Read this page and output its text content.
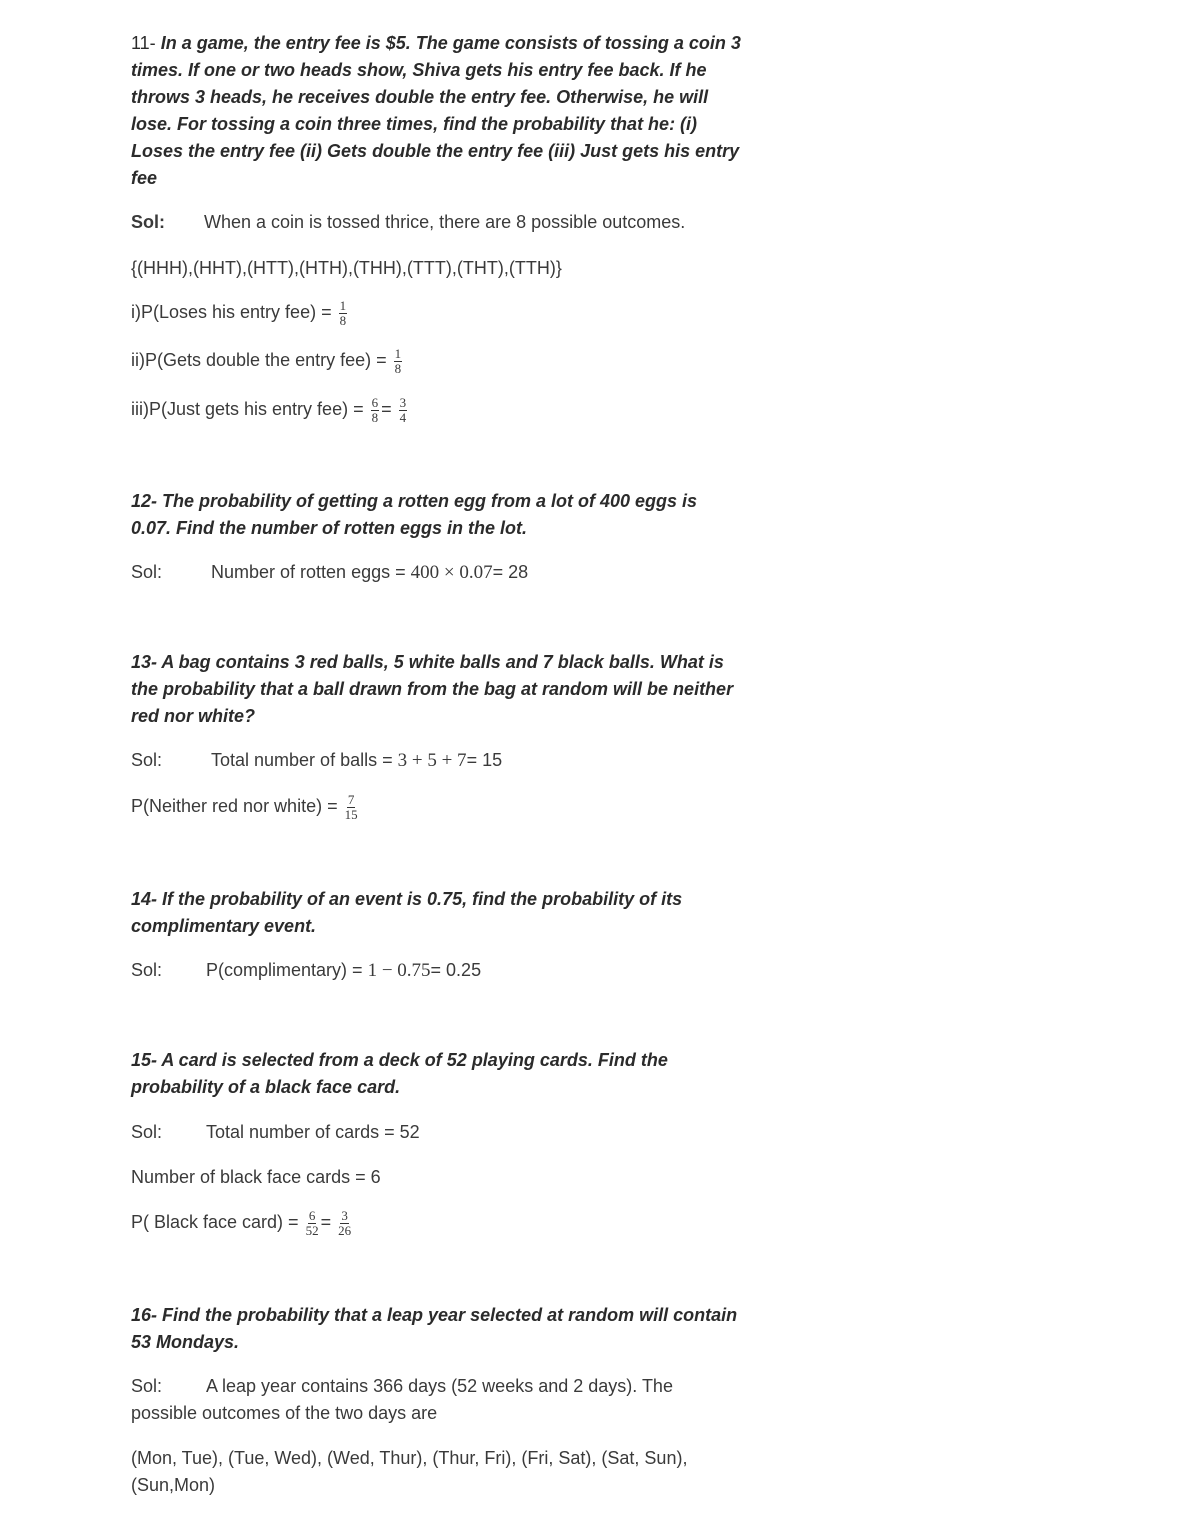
11- In a game, the entry fee is $5. The game consists of tossing a coin 3 times. If one or two heads show, Shiva gets his entry fee back. If he throws 3 heads, he receives double the entry fee. Otherwise, he will lose. For tossing a coin three times, find the probability that he: (i) Loses the entry fee (ii) Gets double the entry fee (iii) Just gets his entry fee

Sol: When a coin is tossed thrice, there are 8 possible outcomes.

{(HHH),(HHT),(HTT),(HTH),(THH),(TTT),(THT),(TTH)}

i)P(Loses his entry $fee) = \frac{1}{8}$

ii)P(Gets double the entry $fee) = \frac{1}{8}$

iii)P(Just gets his entry $fee) = \frac{6}{8} = \frac{3}{4}$

12- The probability of getting a rotten egg from a lot of 400 eggs is 0.07. Find the number of rotten eggs in the lot.

Sol:	Number of rotten eggs = 400 × 0.07= 28

13- A bag contains 3 red balls, 5 white balls and 7 black balls. What is the probability that a ball drawn from the bag at random will be neither red nor white?

Sol:	Total number of balls = 3 + 5 + 7= 15

P(Neither red nor white) = $\frac{7}{15}$

14- If the probability of an event is 0.75, find the probability of its complimentary event.

Sol: P(complimentary) = 1 − 0.75= 0.25

15- A card is selected from a deck of 52 playing cards. Find the probability of a black face card.

Sol: Total number of cards = 52

Number of black face cards = 6

P( Black face card) = $\frac{6}{52} = \frac{3}{26}$

16- Find the probability that a leap year selected at random will contain 53 Mondays.

Sol: A leap year contains 366 days (52 weeks and 2 days). The possible outcomes of the two days are

(Mon, Tue), (Tue, Wed), (Wed, Thur), (Thur, Fri), (Fri, Sat), (Sat, Sun), (Sun,Mon)
